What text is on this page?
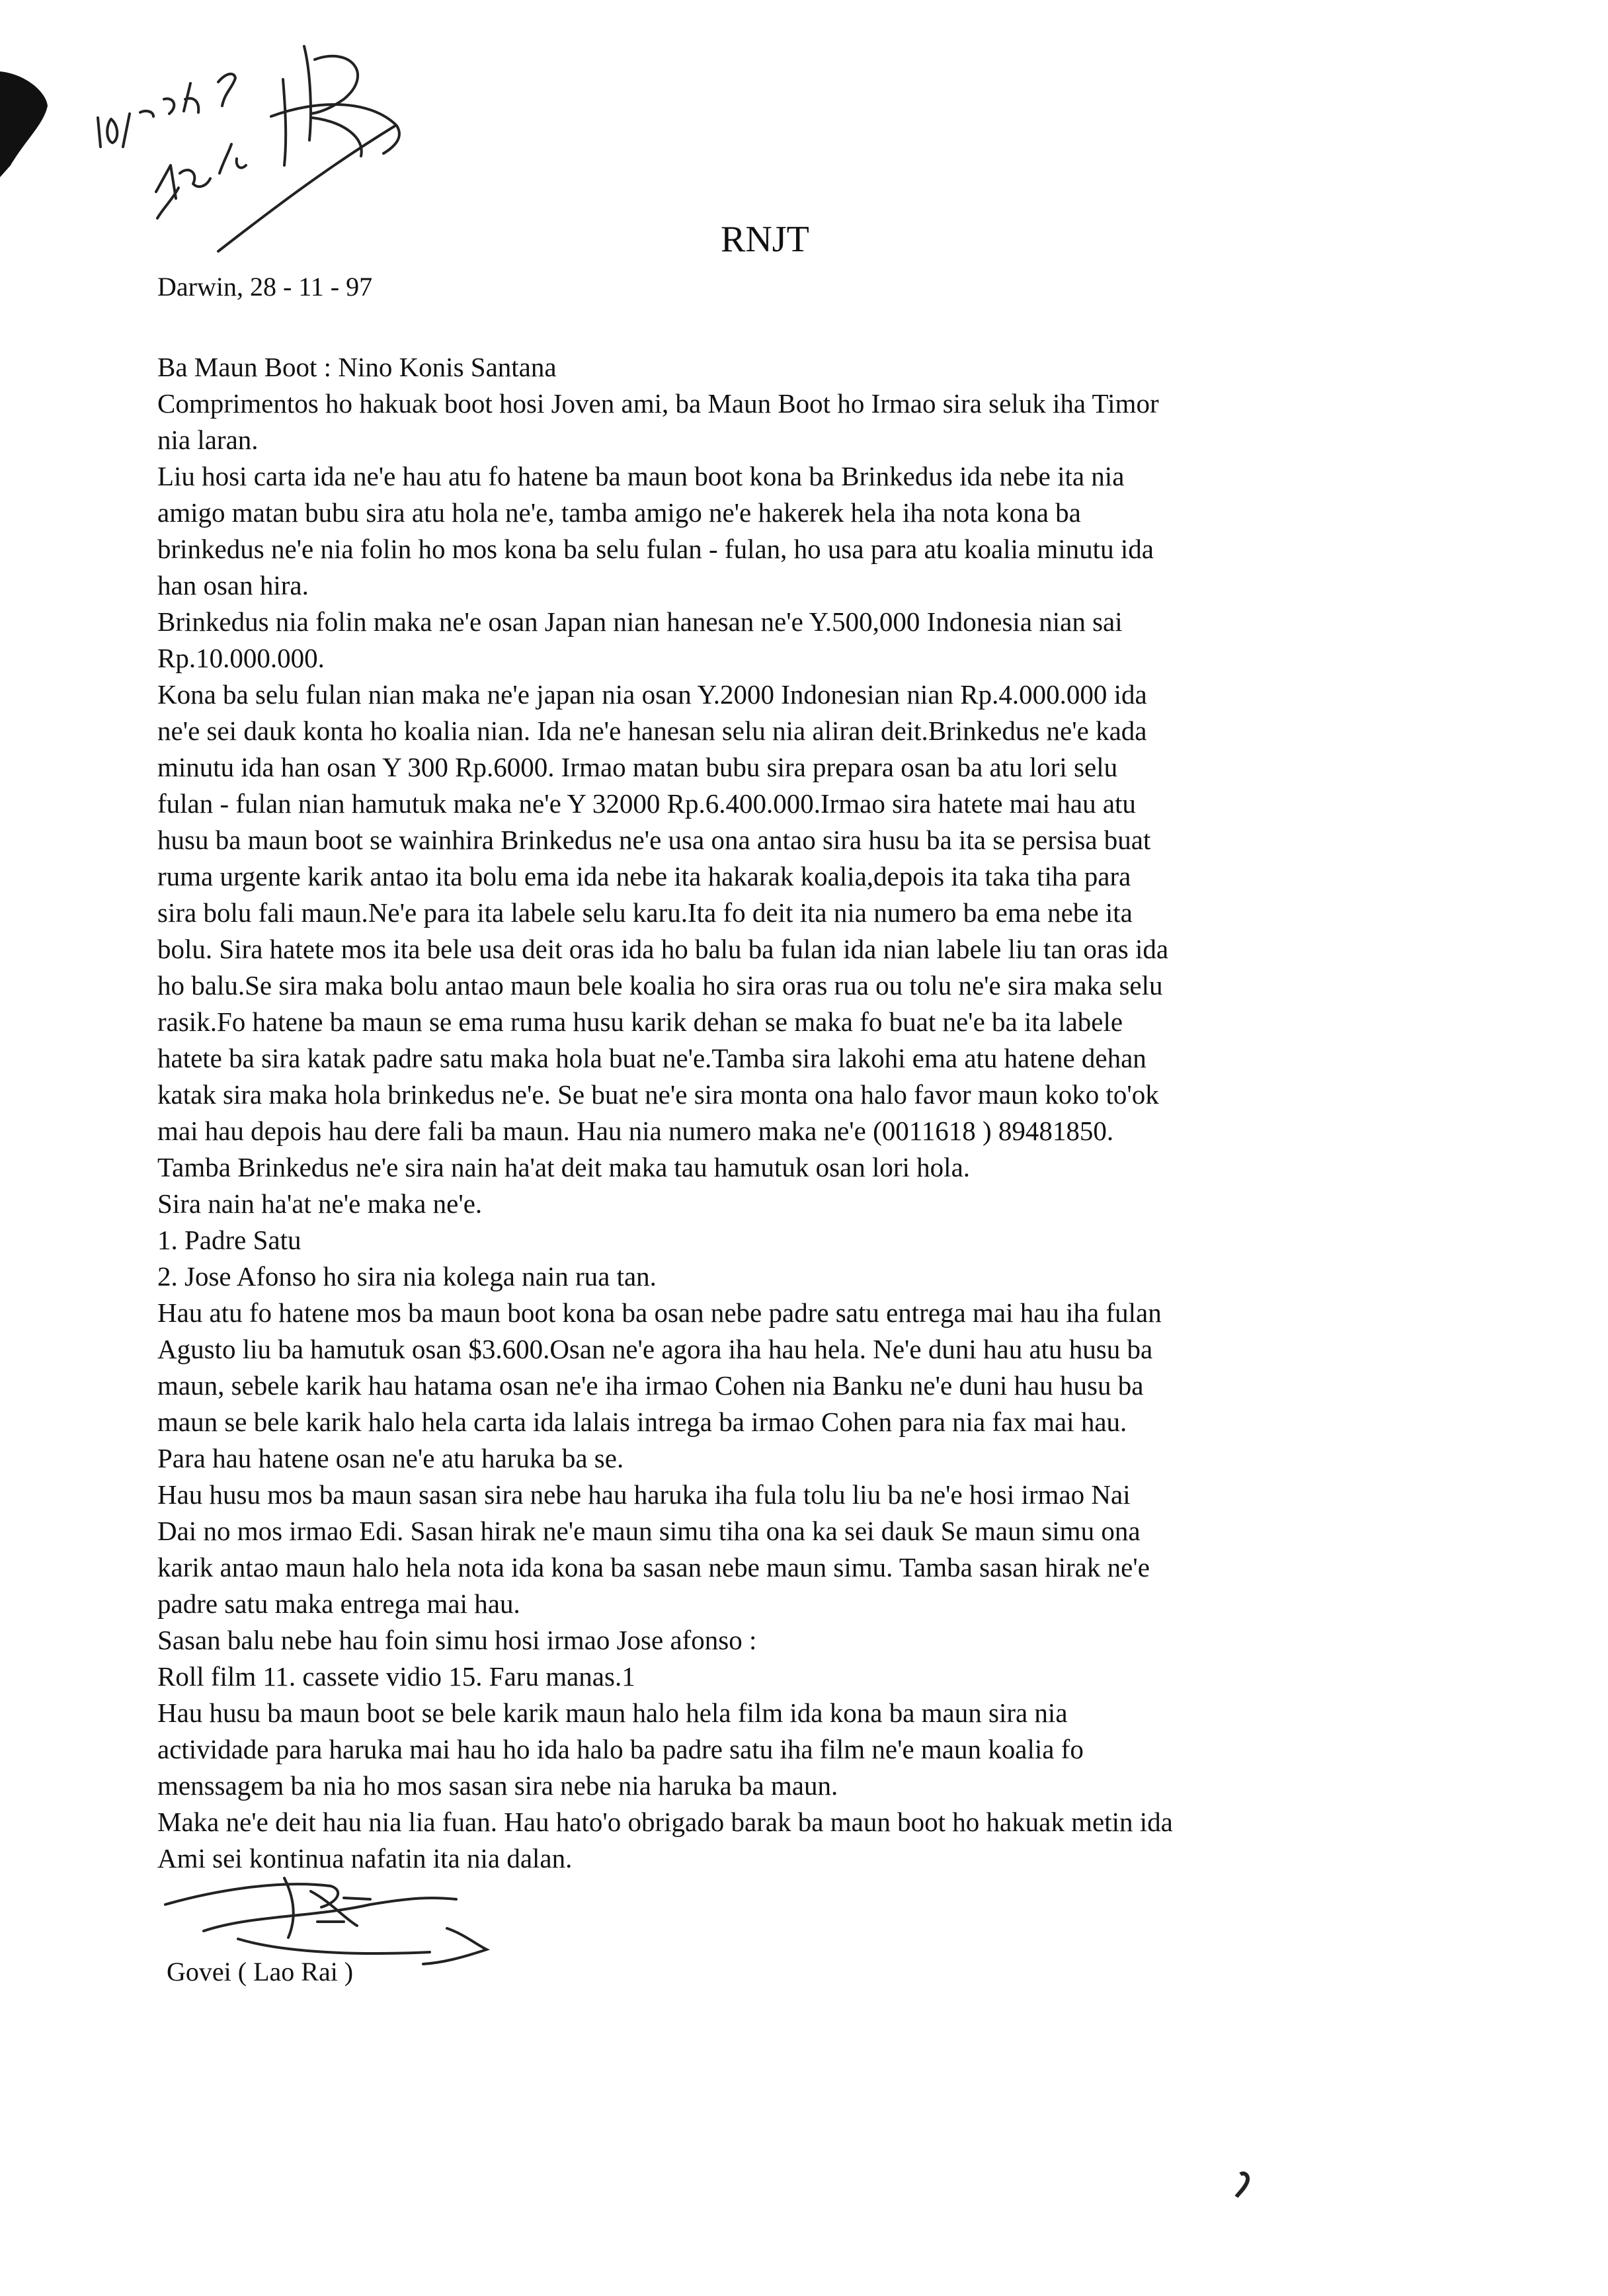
RNJT
Darwin, 28 - 11 - 97

Ba Maun Boot : Nino Konis Santana

Comprimentos ho hakuak boot hosi Joven ami, ba Maun Boot ho Irmao sira seluk iha Timor

nia laran.

Liu hosi carta ida ne'e hau atu fo hatene ba maun boot kona ba Brinkedus ida nebe ita nia

amigo matan bubu sira atu hola ne'e, tamba amigo ne'e hakerek hela iha nota kona ba

brinkedus ne'e nia folin ho mos kona ba selu fulan - fulan, ho usa para atu koalia minutu ida

han osan hira.

Brinkedus nia folin maka ne'e osan Japan nian hanesan ne'e Y.500,000 Indonesia nian sai

Rp.10.000.000.

Kona ba selu fulan nian maka ne'e japan nia osan Y.2000 Indonesian nian Rp.4.000.000 ida

ne'e sei dauk konta ho koalia nian. Ida ne'e hanesan selu nia aliran deit.Brinkedus ne'e kada

minutu ida han osan Y 300 Rp.6000. Irmao matan bubu sira prepara osan ba atu lori selu

fulan - fulan nian hamutuk maka ne'e Y 32000 Rp.6.400.000.Irmao sira hatete mai hau atu

husu ba maun boot se wainhira Brinkedus ne'e usa ona antao sira husu ba ita se persisa buat

ruma urgente karik antao ita bolu ema ida nebe ita hakarak koalia,depois ita taka tiha para

sira bolu fali maun.Ne'e para ita labele selu karu.Ita fo deit ita nia numero ba ema nebe ita

bolu. Sira hatete mos ita bele usa deit oras ida ho balu ba fulan ida nian labele liu tan oras ida

ho balu.Se sira maka bolu antao maun bele koalia ho sira oras rua ou tolu ne'e sira maka selu

rasik.Fo hatene ba maun se ema ruma husu karik dehan se maka fo buat ne'e ba ita labele

hatete ba sira katak padre satu maka hola buat ne'e.Tamba sira lakohi ema atu hatene dehan

katak sira maka hola brinkedus ne'e. Se buat ne'e sira monta ona halo favor maun koko to'ok

mai hau depois hau dere fali ba maun. Hau nia numero maka ne'e (0011618 ) 89481850.

Tamba Brinkedus ne'e sira nain ha'at deit maka tau hamutuk osan lori hola.

Sira nain ha'at ne'e maka ne'e.

1. Padre Satu

2. Jose Afonso ho sira nia kolega nain rua tan.

Hau atu fo hatene mos ba maun boot kona ba osan nebe padre satu entrega mai hau iha fulan

Agusto liu ba hamutuk osan $3.600.Osan ne'e agora iha hau hela. Ne'e duni hau atu husu ba

maun, sebele karik hau hatama osan ne'e iha irmao Cohen nia Banku ne'e duni hau husu ba

maun se bele karik halo hela carta ida lalais intrega ba irmao Cohen para nia fax mai hau.

Para hau hatene osan ne'e atu haruka ba se.

Hau husu mos ba maun sasan sira nebe hau haruka iha fula tolu liu ba ne'e hosi irmao Nai

Dai no mos irmao Edi. Sasan hirak ne'e maun simu tiha ona ka sei dauk Se maun simu ona

karik antao maun halo hela nota ida kona ba sasan nebe maun simu. Tamba sasan hirak ne'e

padre satu maka entrega mai hau.

Sasan balu nebe hau foin simu hosi irmao Jose afonso :

Roll film 11. cassete vidio 15. Faru manas.1

Hau husu ba maun boot se bele karik maun halo hela film ida kona ba maun sira nia

actividade para haruka mai hau ho ida halo ba padre satu iha film ne'e maun koalia fo

menssagem ba nia ho mos sasan sira nebe nia haruka ba maun.

Maka ne'e deit hau nia lia fuan. Hau hato'o obrigado barak ba maun boot ho hakuak metin ida

Ami sei kontinua nafatin ita nia dalan.

Govei ( Lao Rai )
